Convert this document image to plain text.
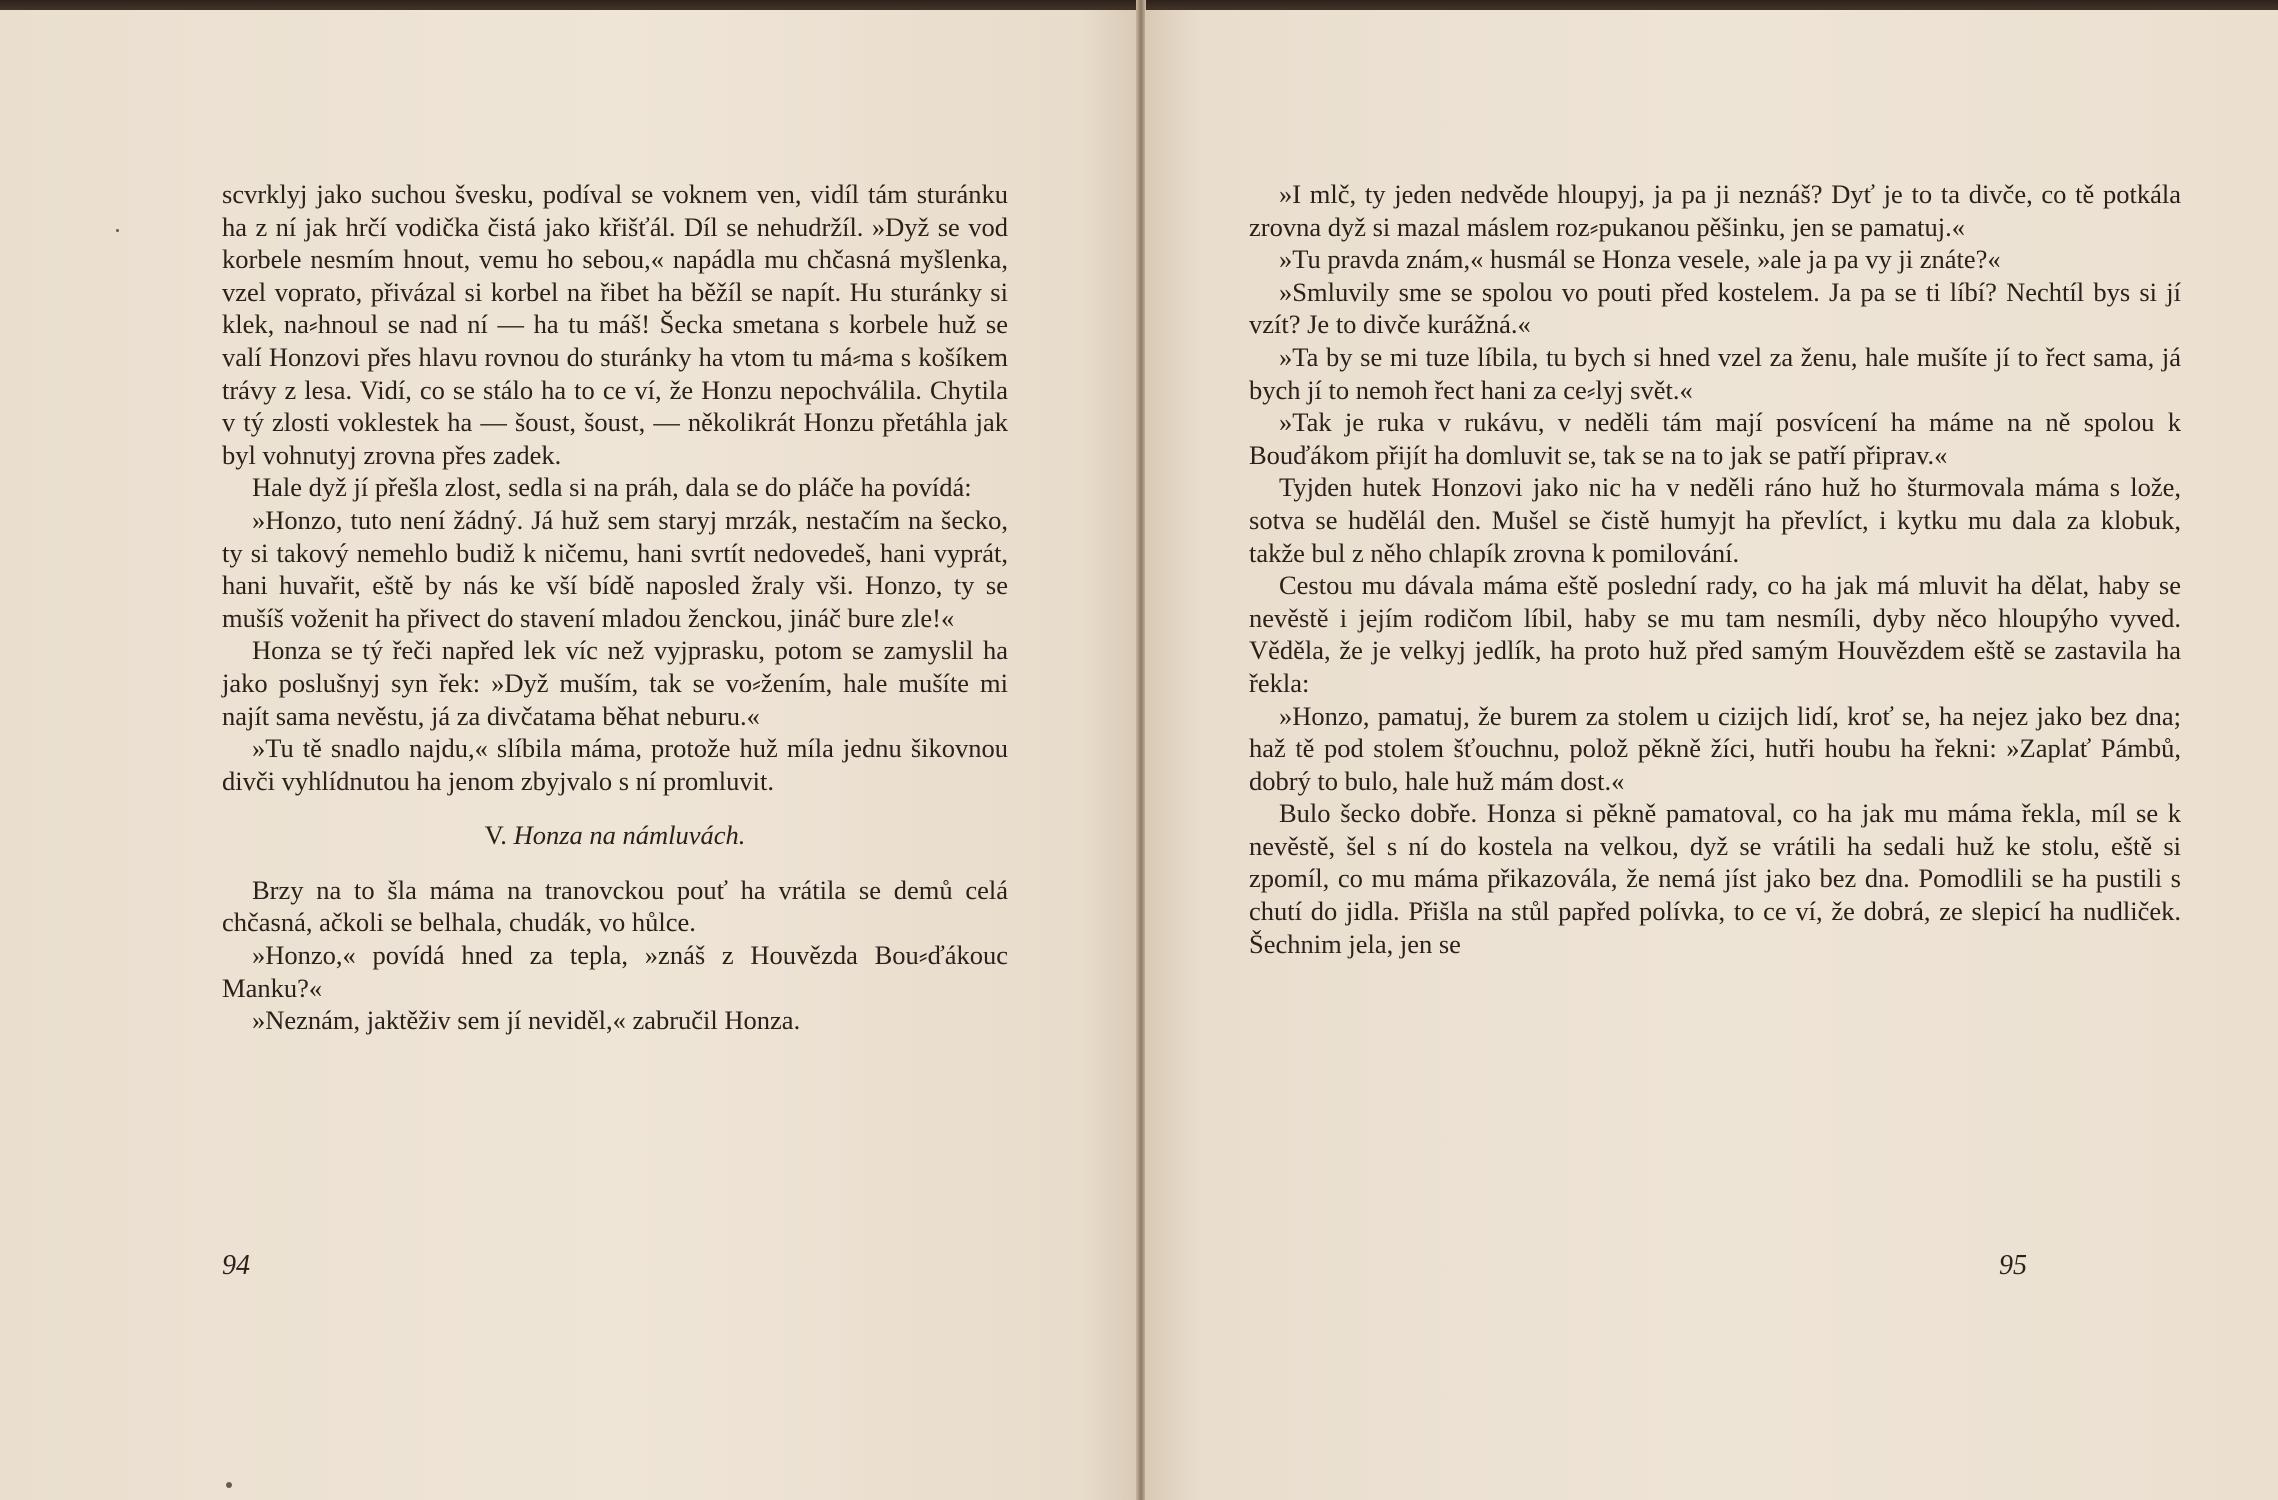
scvrklyj jako suchou švesku, podíval se voknem ven, vidíl tám sturánku ha z ní jak hrčí vodička čistá jako křišťál. Díl se nehudržíl. »Dyž se vod korbele nesmím hnout, vemu ho sebou,« napádla mu chčasná myšlenka, vzel voprato, přivázal si korbel na řibet ha běžíl se napít. Hu sturánky si klek, na⸗hnoul se nad ní — ha tu máš! Šecka smetana s korbele huž se valí Honzovi přes hlavu rovnou do sturánky ha vtom tu má⸗ma s košíkem trávy z lesa. Vidí, co se stálo ha to ce ví, že Honzu nepochválila. Chytila v tý zlosti voklestek ha — šoust, šoust, — několikrát Honzu přetáhla jak byl vohnutyj zrovna přes zadek.

Hale dyž jí přešla zlost, sedla si na práh, dala se do pláče ha povídá:

»Honzo, tuto není žádný. Já huž sem staryj mrzák, nestačím na šecko, ty si takový nemehlo budiž k ničemu, hani svrtít nedovedeš, hani vyprát, hani huvařit, eště by nás ke vší bídě naposled žraly vši. Honzo, ty se mušíš voženit ha přivect do stavení mladou ženckou, jináč bure zle!«

Honza se tý řeči napřed lek víc než vyjprasku, potom se zamyslil ha jako poslušnyj syn řek: »Dyž muším, tak se vo⸗žením, hale mušíte mi najít sama nevěstu, já za divčatama běhat neburu.«

»Tu tě snadlo najdu,« slíbila máma, protože huž míla jednu šikovnou divči vyhlídnutou ha jenom zbyjvalo s ní promluvit.

V. Honza na námluvách.

Brzy na to šla máma na tranovckou pouť ha vrátila se demů celá chčasná, ačkoli se belhala, chudák, vo hůlce.

»Honzo,« povídá hned za tepla, »znáš z Houvězda Bou⸗ďákouc Manku?«

»Neznám, jaktěživ sem jí neviděl,« zabručil Honza.

94

»I mlč, ty jeden nedvěde hloupyj, ja pa ji neznáš? Dyť je to ta divče, co tě potkála zrovna dyž si mazal máslem roz⸗pukanou pěšinku, jen se pamatuj.«

»Tu pravda znám,« husmál se Honza vesele, »ale ja pa vy ji znáte?«

»Smluvily sme se spolou vo pouti před kostelem. Ja pa se ti líbí? Nechtíl bys si jí vzít? Je to divče kurážná.«

»Ta by se mi tuze líbila, tu bych si hned vzel za ženu, hale mušíte jí to řect sama, já bych jí to nemoh řect hani za ce⸗lyj svět.«

»Tak je ruka v rukávu, v neděli tám mají posvícení ha máme na ně spolou k Bouďákom přijít ha domluvit se, tak se na to jak se patří připrav.«

Tyjden hutek Honzovi jako nic ha v neděli ráno huž ho šturmovala máma s lože, sotva se hudělál den. Mušel se čistě humyjt ha převlíct, i kytku mu dala za klobuk, takže bul z něho chlapík zrovna k pomilování.

Cestou mu dávala máma eště poslední rady, co ha jak má mluvit ha dělat, haby se nevěstě i jejím rodičom líbil, haby se mu tam nesmíli, dyby něco hloupýho vyved. Věděla, že je velkyj jedlík, ha proto huž před samým Houvězdem eště se zastavila ha řekla:

»Honzo, pamatuj, že burem za stolem u cizijch lidí, kroť se, ha nejez jako bez dna; haž tě pod stolem šťouchnu, polož pěkně žíci, hutři houbu ha řekni: »Zaplať Pámbů, dobrý to bulo, hale huž mám dost.«

Bulo šecko dobře. Honza si pěkně pamatoval, co ha jak mu máma řekla, míl se k nevěstě, šel s ní do kostela na velkou, dyž se vrátili ha sedali huž ke stolu, eště si zpomíl, co mu máma přikazovála, že nemá jíst jako bez dna. Pomodlili se ha pustili s chutí do jidla. Přišla na stůl papřed polívka, to ce ví, že dobrá, ze slepicí ha nudliček. Šechnim jela, jen se

95
